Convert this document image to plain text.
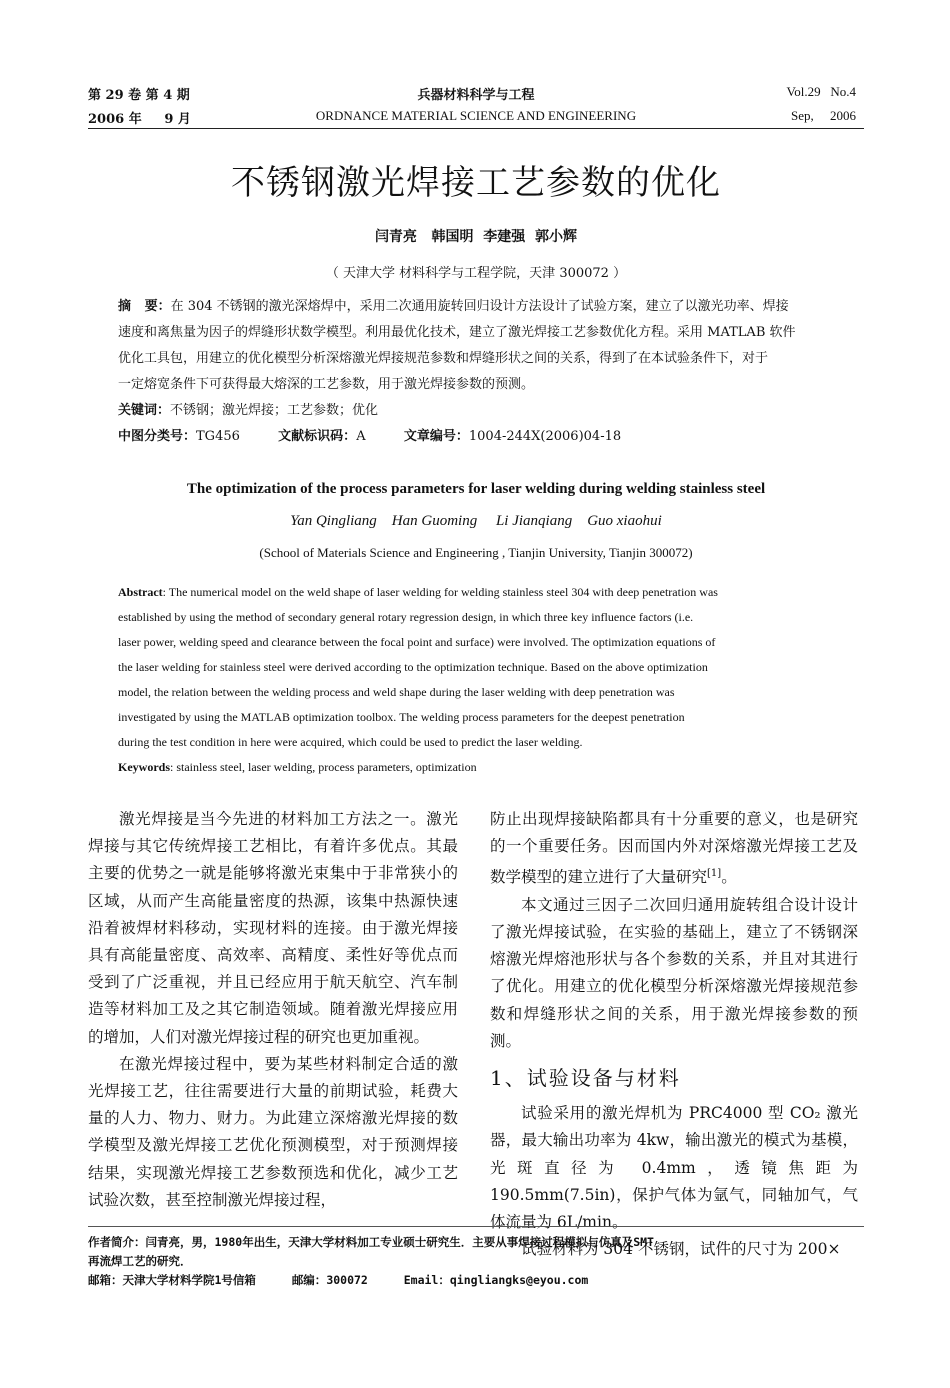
第 29 卷 第 4 期
2006 年     9 月
兵器材料科学与工程
ORDNANCE MATERIAL SCIENCE AND ENGINEERING
Vol.29   No.4
Sep,     2006
不锈钢激光焊接工艺参数的优化
闫青亮   韩国明  李建强  郭小辉
（ 天津大学 材料科学与工程学院，天津 300072 ）
摘   要：在 304 不锈钢的激光深熔焊中，采用二次通用旋转回归设计方法设计了试验方案，建立了以激光功率、焊接
速度和离焦量为因子的焊缝形状数学模型。利用最优化技术，建立了激光焊接工艺参数优化方程。采用 MATLAB 软件
优化工具包，用建立的优化模型分析深熔激光焊接规范参数和焊缝形状之间的关系，得到了在本试验条件下，对于
一定熔宽条件下可获得最大熔深的工艺参数，用于激光焊接参数的预测。
关键词：不锈钢；激光焊接；工艺参数；优化
中图分类号：TG456	文献标识码：A	文章编号：1004-244X(2006)04-18
The optimization of the process parameters for laser welding during welding stainless steel
Yan Qingliang    Han Guoming     Li Jianqiang    Guo xiaohui
(School of Materials Science and Engineering , Tianjin University, Tianjin 300072)
Abstract: The numerical model on the weld shape of laser welding for welding stainless steel 304 with deep penetration was
established by using the method of secondary general rotary regression design, in which three key influence factors (i.e.
laser power, welding speed and clearance between the focal point and surface) were involved. The optimization equations of
the laser welding for stainless steel were derived according to the optimization technique. Based on the above optimization
model, the relation between the welding process and weld shape during the laser welding with deep penetration was
investigated by using the MATLAB optimization toolbox. The welding process parameters for the deepest penetration
during the test condition in here were acquired, which could be used to predict the laser welding.
Keywords: stainless steel, laser welding, process parameters, optimization

激光焊接是当今先进的材料加工方法之一。激光焊接与其它传统焊接工艺相比，有着许多优点。其最主要的优势之一就是能够将激光束集中于非常狭小的区域，从而产生高能量密度的热源，该集中热源快速沿着被焊材料移动，实现材料的连接。由于激光焊接具有高能量密度、高效率、高精度、柔性好等优点而受到了广泛重视，并且已经应用于航天航空、汽车制造等材料加工及之其它制造领域。随着激光焊接应用的增加，人们对激光焊接过程的研究也更加重视。

在激光焊接过程中，要为某些材料制定合适的激光焊接工艺，往往需要进行大量的前期试验，耗费大量的人力、物力、财力。为此建立深熔激光焊接的数学模型及激光焊接工艺优化预测模型，对于预测焊接结果，实现激光焊接工艺参数预选和优化，减少工艺试验次数，甚至控制激光焊接过程，

防止出现焊接缺陷都具有十分重要的意义，也是研究的一个重要任务。因而国内外对深熔激光焊接工艺及数学模型的建立进行了大量研究[1]。

本文通过三因子二次回归通用旋转组合设计设计了激光焊接试验，在实验的基础上，建立了不锈钢深熔激光焊熔池形状与各个参数的关系，并且对其进行了优化。用建立的优化模型分析深熔激光焊接规范参数和焊缝形状之间的关系，用于激光焊接参数的预测。

1、试验设备与材料

试验采用的激光焊机为 PRC4000 型 CO₂ 激光器，最大输出功率为 4kw，输出激光的模式为基模，光斑直径为 0.4mm，透镜焦距为 190.5mm(7.5in)，保护气体为氩气，同轴加气，气体流量为 6L/min。

试验材料为 304 不锈钢，试件的尺寸为 200×

作者简介：闫青亮，男，1980年出生，天津大学材料加工专业硕士研究生．主要从事焊接过程模拟与仿真及SMT
再流焊工艺的研究．
邮箱：天津大学材料学院1号信箱	邮编：300072	Email：qingliangks@eyou.com
